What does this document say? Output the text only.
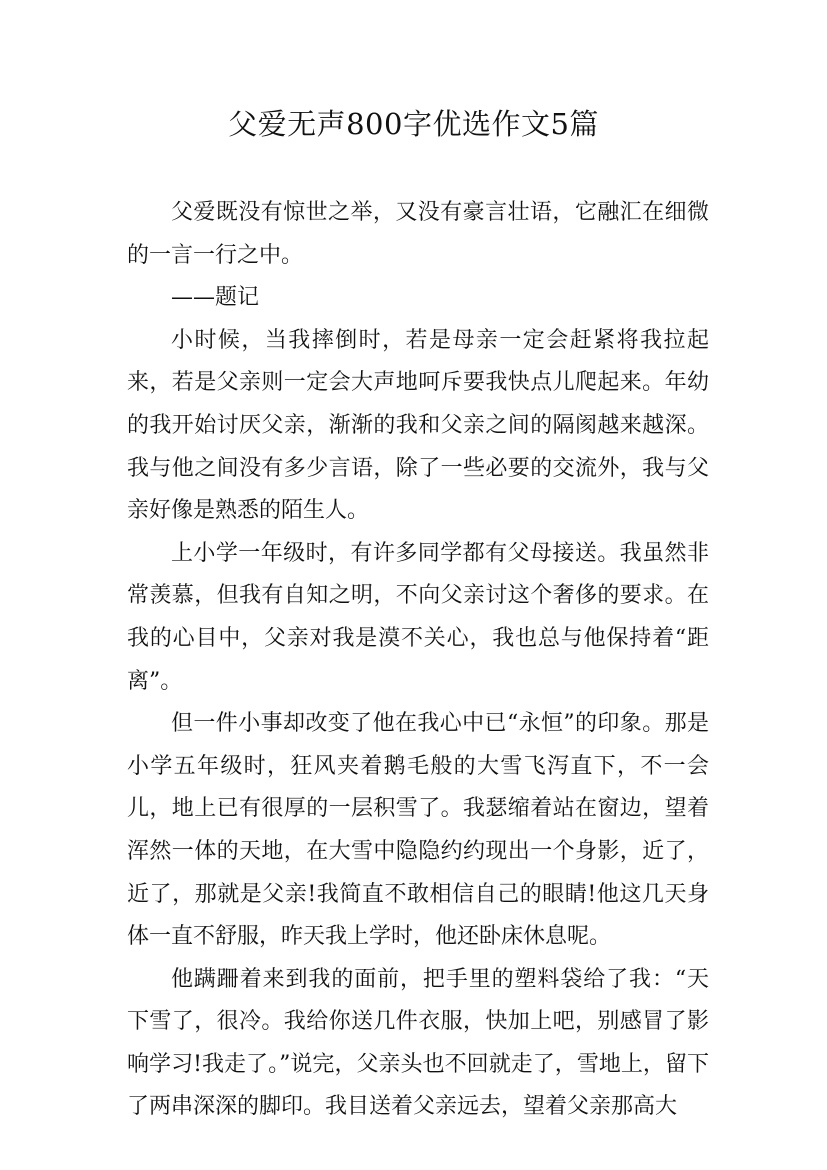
父爱无声800字优选作文5篇

父爱既没有惊世之举，又没有豪言壮语，它融汇在细微的一言一行之中。

——题记

小时候，当我摔倒时，若是母亲一定会赶紧将我拉起来，若是父亲则一定会大声地呵斥要我快点儿爬起来。年幼的我开始讨厌父亲，渐渐的我和父亲之间的隔阂越来越深。我与他之间没有多少言语，除了一些必要的交流外，我与父亲好像是熟悉的陌生人。

上小学一年级时，有许多同学都有父母接送。我虽然非常羡慕，但我有自知之明，不向父亲讨这个奢侈的要求。在我的心目中，父亲对我是漠不关心，我也总与他保持着“距离”。

但一件小事却改变了他在我心中已“永恒”的印象。那是小学五年级时，狂风夹着鹅毛般的大雪飞泻直下，不一会儿，地上已有很厚的一层积雪了。我瑟缩着站在窗边，望着浑然一体的天地，在大雪中隐隐约约现出一个身影，近了，近了，那就是父亲!我简直不敢相信自己的眼睛!他这几天身体一直不舒服，昨天我上学时，他还卧床休息呢。

他蹒跚着来到我的面前，把手里的塑料袋给了我：“天下雪了，很冷。我给你送几件衣服，快加上吧，别感冒了影响学习!我走了。”说完，父亲头也不回就走了，雪地上，留下了两串深深的脚印。我目送着父亲远去，望着父亲那高大
